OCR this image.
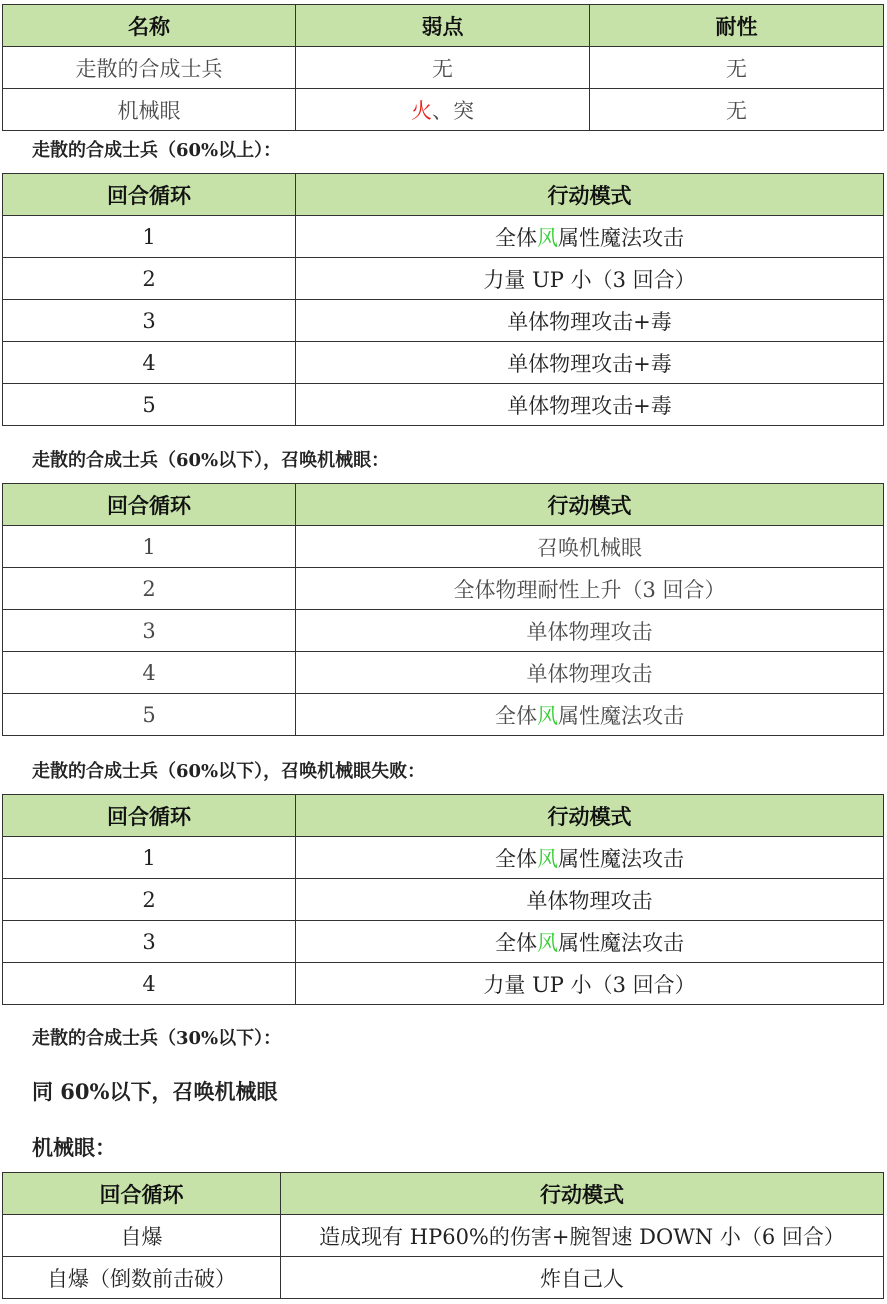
名称	弱点	耐性
走散的合成士兵	无	无
机械眼	火、突	无
走散的合成士兵（60%以上）：
回合循环	行动模式
1	全体风属性魔法攻击
2	力量 UP 小（3 回合）
3	单体物理攻击+毒
4	单体物理攻击+毒
5	单体物理攻击+毒
走散的合成士兵（60%以下），召唤机械眼：
回合循环	行动模式
1	召唤机械眼
2	全体物理耐性上升（3 回合）
3	单体物理攻击
4	单体物理攻击
5	全体风属性魔法攻击
走散的合成士兵（60%以下），召唤机械眼失败：
回合循环	行动模式
1	全体风属性魔法攻击
2	单体物理攻击
3	全体风属性魔法攻击
4	力量 UP 小（3 回合）
走散的合成士兵（30%以下）：
同 60%以下，召唤机械眼
机械眼：
回合循环	行动模式
自爆	造成现有 HP60%的伤害+腕智速 DOWN 小（6 回合）
自爆（倒数前击破）	炸自己人
